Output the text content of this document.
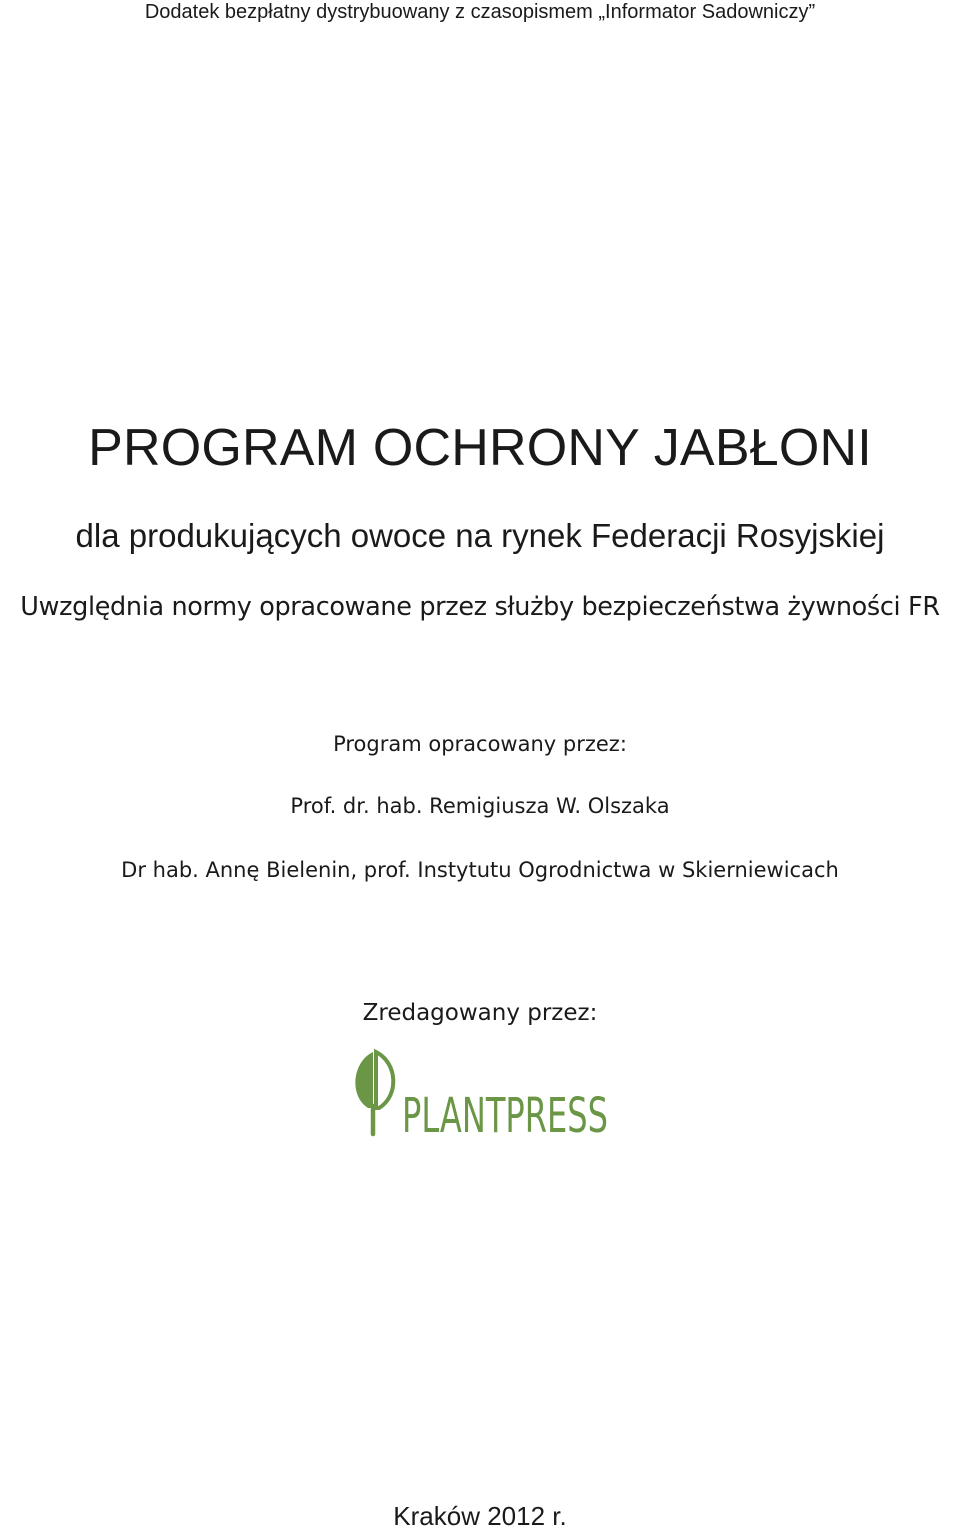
Dodatek bezpłatny dystrybuowany z czasopismem „Informator Sadowniczy”
PROGRAM OCHRONY JABŁONI
dla produkujących owoce na rynek Federacji Rosyjskiej
Uwzględnia normy opracowane przez służby bezpieczeństwa żywności FR
Program opracowany przez:
Prof. dr. hab. Remigiusza W. Olszaka
Dr hab. Annę Bielenin, prof. Instytutu Ogrodnictwa w Skierniewicach
Zredagowany przez:
PLANTPRESS
Kraków 2012 r.
